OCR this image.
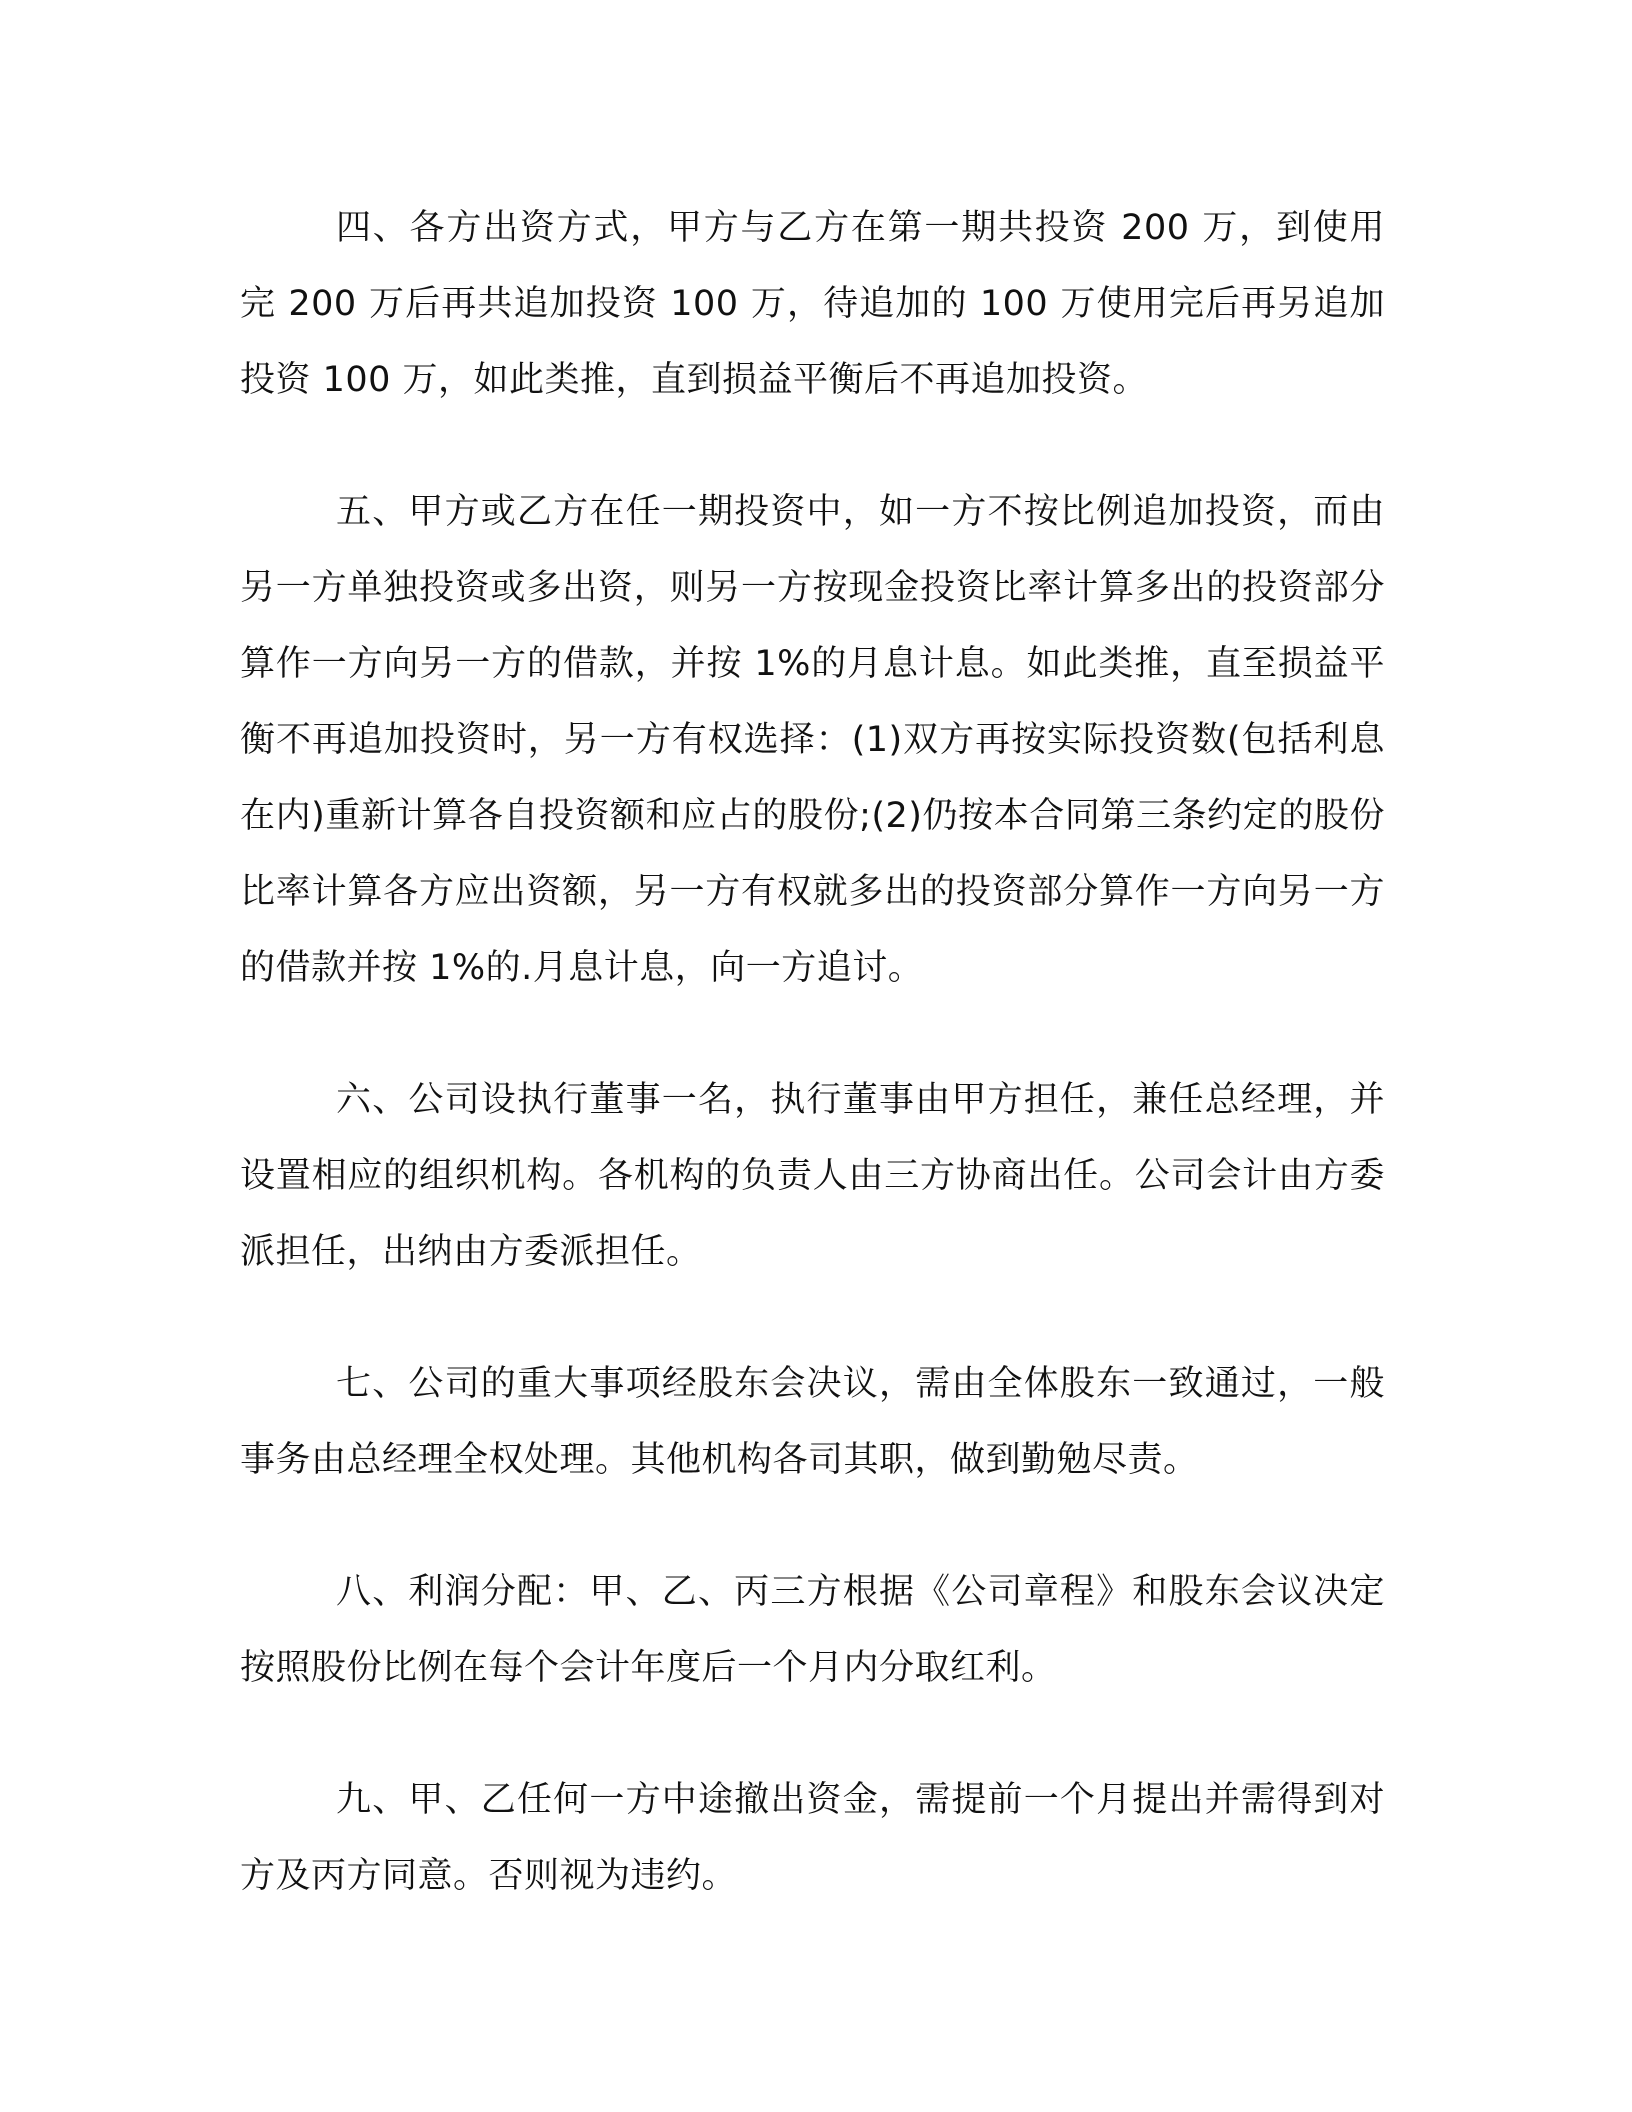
四、各方出资方式，甲方与乙方在第一期共投资 200 万，到使用完 200 万后再共追加投资 100 万，待追加的 100 万使用完后再另追加投资 100 万，如此类推，直到损益平衡后不再追加投资。

五、甲方或乙方在任一期投资中，如一方不按比例追加投资，而由另一方单独投资或多出资，则另一方按现金投资比率计算多出的投资部分算作一方向另一方的借款，并按 1%的月息计息。如此类推，直至损益平衡不再追加投资时，另一方有权选择：(1)双方再按实际投资数(包括利息在内)重新计算各自投资额和应占的股份;(2)仍按本合同第三条约定的股份比率计算各方应出资额，另一方有权就多出的投资部分算作一方向另一方的借款并按 1%的.月息计息，向一方追讨。

六、公司设执行董事一名，执行董事由甲方担任，兼任总经理，并设置相应的组织机构。各机构的负责人由三方协商出任。公司会计由方委派担任，出纳由方委派担任。

七、公司的重大事项经股东会决议，需由全体股东一致通过，一般事务由总经理全权处理。其他机构各司其职，做到勤勉尽责。

八、利润分配：甲、乙、丙三方根据《公司章程》和股东会议决定按照股份比例在每个会计年度后一个月内分取红利。

九、甲、乙任何一方中途撤出资金，需提前一个月提出并需得到对方及丙方同意。否则视为违约。
